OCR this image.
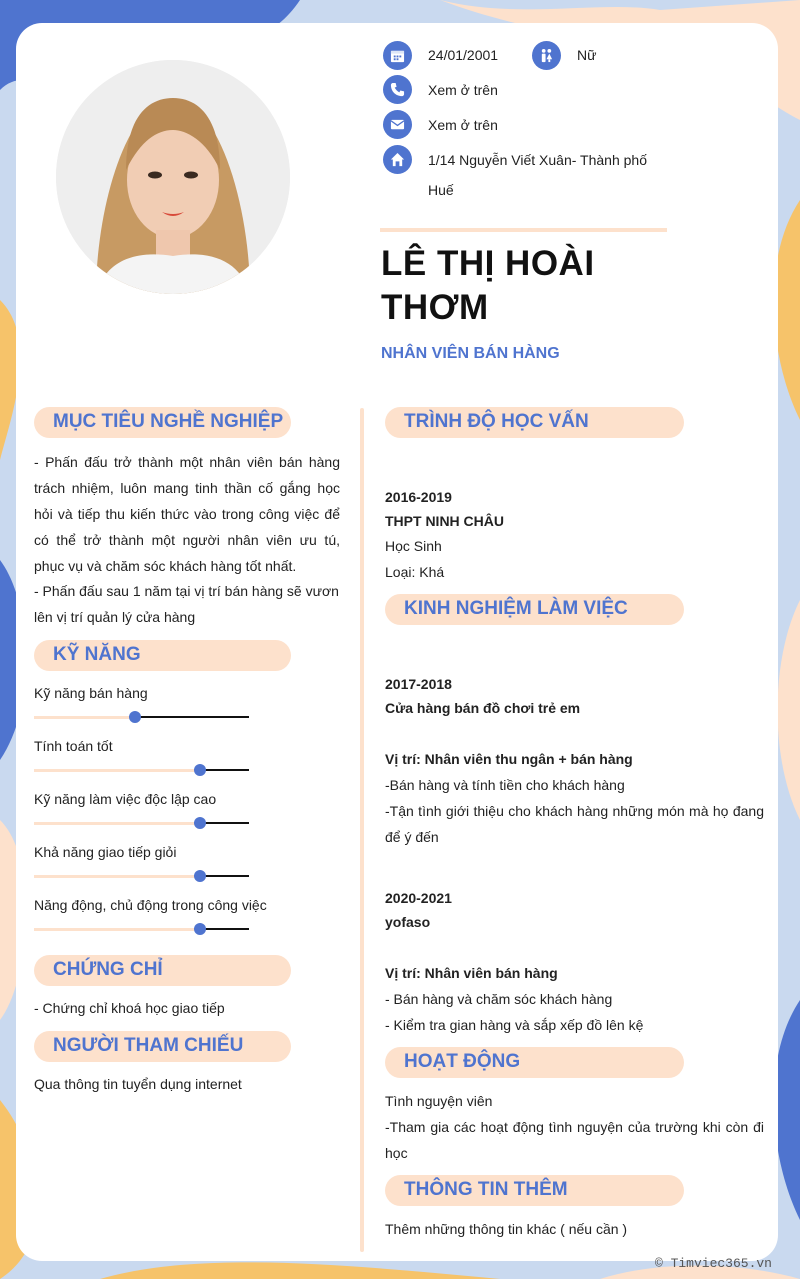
24/01/2001	Nữ
Xem ở trên
Xem ở trên
1/14 Nguyễn Viết Xuân- Thành phố
Huế
LÊ THỊ HOÀI
THƠM
NHÂN VIÊN BÁN HÀNG
MỤC TIÊU NGHỀ NGHIỆP
- Phấn đấu trở thành một nhân viên bán hàng trách nhiệm, luôn mang tinh thần cố gắng học hỏi và tiếp thu kiến thức vào trong công việc để có thể trở thành một người nhân viên ưu tú, phục vụ và chăm sóc khách hàng tốt nhất.
- Phấn đấu sau 1 năm tại vị trí bán hàng sẽ vươn lên vị trí quản lý cửa hàng
KỸ NĂNG
Kỹ năng bán hàng
Tính toán tốt
Kỹ năng làm việc độc lập cao
Khả năng giao tiếp giỏi
Năng động, chủ động trong công việc
CHỨNG CHỈ
- Chứng chỉ khoá học giao tiếp
NGƯỜI THAM CHIẾU
Qua thông tin tuyển dụng internet
TRÌNH ĐỘ HỌC VẤN
2016-2019
THPT NINH CHÂU
Học Sinh
Loại: Khá
KINH NGHIỆM LÀM VIỆC
2017-2018
Cửa hàng bán đồ chơi trẻ em
Vị trí: Nhân viên thu ngân + bán hàng
-Bán hàng và tính tiền cho khách hàng
-Tận tình giới thiệu cho khách hàng những món mà họ đang để ý đến
2020-2021
yofaso
Vị trí: Nhân viên bán hàng
- Bán hàng và chăm sóc khách hàng
- Kiểm tra gian hàng và sắp xếp đồ lên kệ
HOẠT ĐỘNG
Tình nguyện viên
-Tham gia các hoạt động tình nguyện của trường khi còn đi học
THÔNG TIN THÊM
Thêm những thông tin khác ( nếu cần )
© Timviec365.vn
